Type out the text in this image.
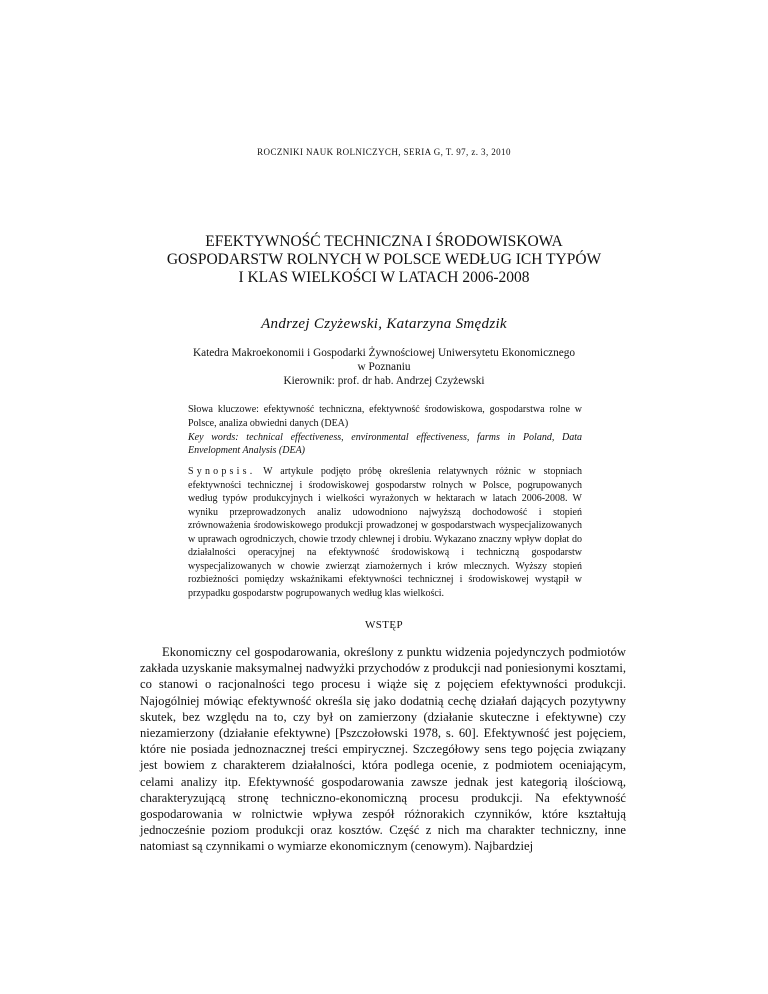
ROCZNIKI NAUK ROLNICZYCH, SERIA G, T. 97, z. 3, 2010
EFEKTYWNOŚĆ TECHNICZNA I ŚRODOWISKOWA
GOSPODARSTW ROLNYCH W POLSCE WEDŁUG ICH TYPÓW
I KLAS WIELKOŚCI W LATACH 2006-2008
Andrzej Czyżewski, Katarzyna Smędzik
Katedra Makroekonomii i Gospodarki Żywnościowej Uniwersytetu Ekonomicznego
w Poznaniu
Kierownik: prof. dr hab. Andrzej Czyżewski
Słowa kluczowe: efektywność techniczna, efektywność środowiskowa, gospodarstwa rolne w Polsce, analiza obwiedni danych (DEA)
Key words: technical effectiveness, environmental effectiveness, farms in Poland, Data Envelopment Analysis (DEA)
Synopsis. W artykule podjęto próbę określenia relatywnych różnic w stopniach efektywności technicznej i środowiskowej gospodarstw rolnych w Polsce, pogrupowanych według typów produkcyjnych i wielkości wyrażonych w hektarach w latach 2006-2008. W wyniku przeprowadzonych analiz udowodniono najwyższą dochodowość i stopień zrównoważenia środowiskowego produkcji prowadzonej w gospodarstwach wyspecjalizowanych w uprawach ogrodniczych, chowie trzody chlewnej i drobiu. Wykazano znaczny wpływ dopłat do działalności operacyjnej na efektywność środowiskową i techniczną gospodarstw wyspecjalizowanych w chowie zwierząt ziarnożernych i krów mlecznych. Wyższy stopień rozbieżności pomiędzy wskaźnikami efektywności technicznej i środowiskowej wystąpił w przypadku gospodarstw pogrupowanych według klas wielkości.
WSTĘP
Ekonomiczny cel gospodarowania, określony z punktu widzenia pojedynczych podmiotów zakłada uzyskanie maksymalnej nadwyżki przychodów z produkcji nad poniesionymi kosztami, co stanowi o racjonalności tego procesu i wiąże się z pojęciem efektywności produkcji. Najogólniej mówiąc efektywność określa się jako dodatnią cechę działań dających pozytywny skutek, bez względu na to, czy był on zamierzony (działanie skuteczne i efektywne) czy niezamierzony (działanie efektywne) [Pszczołowski 1978, s. 60]. Efektywność jest pojęciem, które nie posiada jednoznacznej treści empirycznej. Szczegółowy sens tego pojęcia związany jest bowiem z charakterem działalności, która podlega ocenie, z podmiotem oceniającym, celami analizy itp. Efektywność gospodarowania zawsze jednak jest kategorią ilościową, charakteryzującą stronę techniczno-ekonomiczną procesu produkcji. Na efektywność gospodarowania w rolnictwie wpływa zespół różnorakich czynników, które kształtują jednocześnie poziom produkcji oraz kosztów. Część z nich ma charakter techniczny, inne natomiast są czynnikami o wymiarze ekonomicznym (cenowym). Najbardziej
